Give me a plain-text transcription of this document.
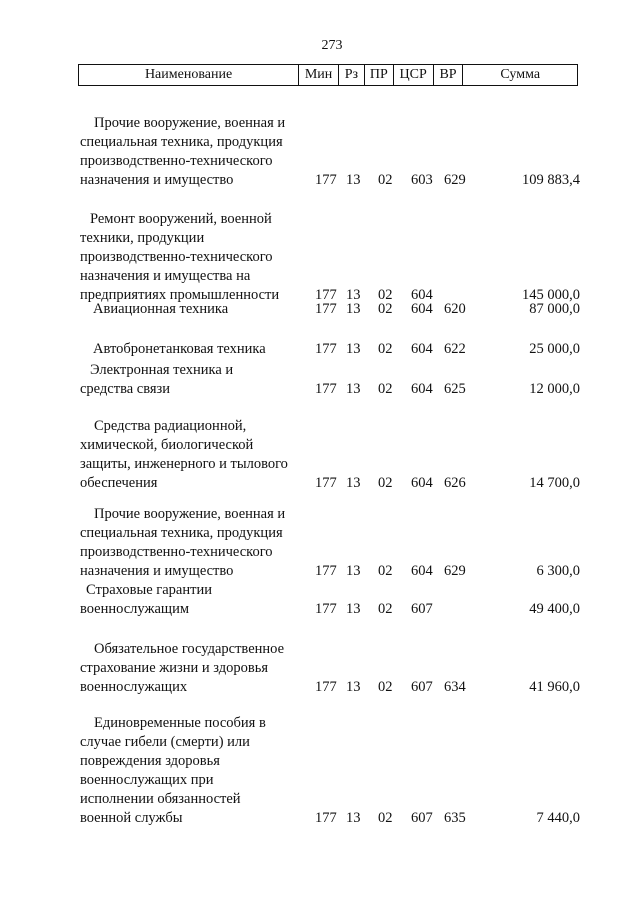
273
Наименование	Мин Рз ПР ЦСР ВР	Сумма
Прочие вооружение, военная и
специальная техника, продукция
производственно-технического
назначения и имущество	177 13 02 603 629	109 883,4
Ремонт вооружений, военной
техники, продукции
производственно-технического
назначения и имущества на
предприятиях промышленности	177 13 02 604	145 000,0
Авиационная техника	177 13 02 604 620	87 000,0
Автобронетанковая техника	177 13 02 604 622	25 000,0
Электронная техника и
средства связи	177 13 02 604 625	12 000,0
Средства радиационной,
химической, биологической
защиты, инженерного и тылового
обеспечения	177 13 02 604 626	14 700,0
Прочие вооружение, военная и
специальная техника, продукция
производственно-технического
назначения и имущество	177 13 02 604 629	6 300,0
Страховые гарантии
военнослужащим	177 13 02 607	49 400,0
Обязательное государственное
страхование жизни и здоровья
военнослужащих	177 13 02 607 634	41 960,0
Единовременные пособия в
случае гибели (смерти) или
повреждения здоровья
военнослужащих при
исполнении обязанностей
военной службы	177 13 02 607 635	7 440,0
